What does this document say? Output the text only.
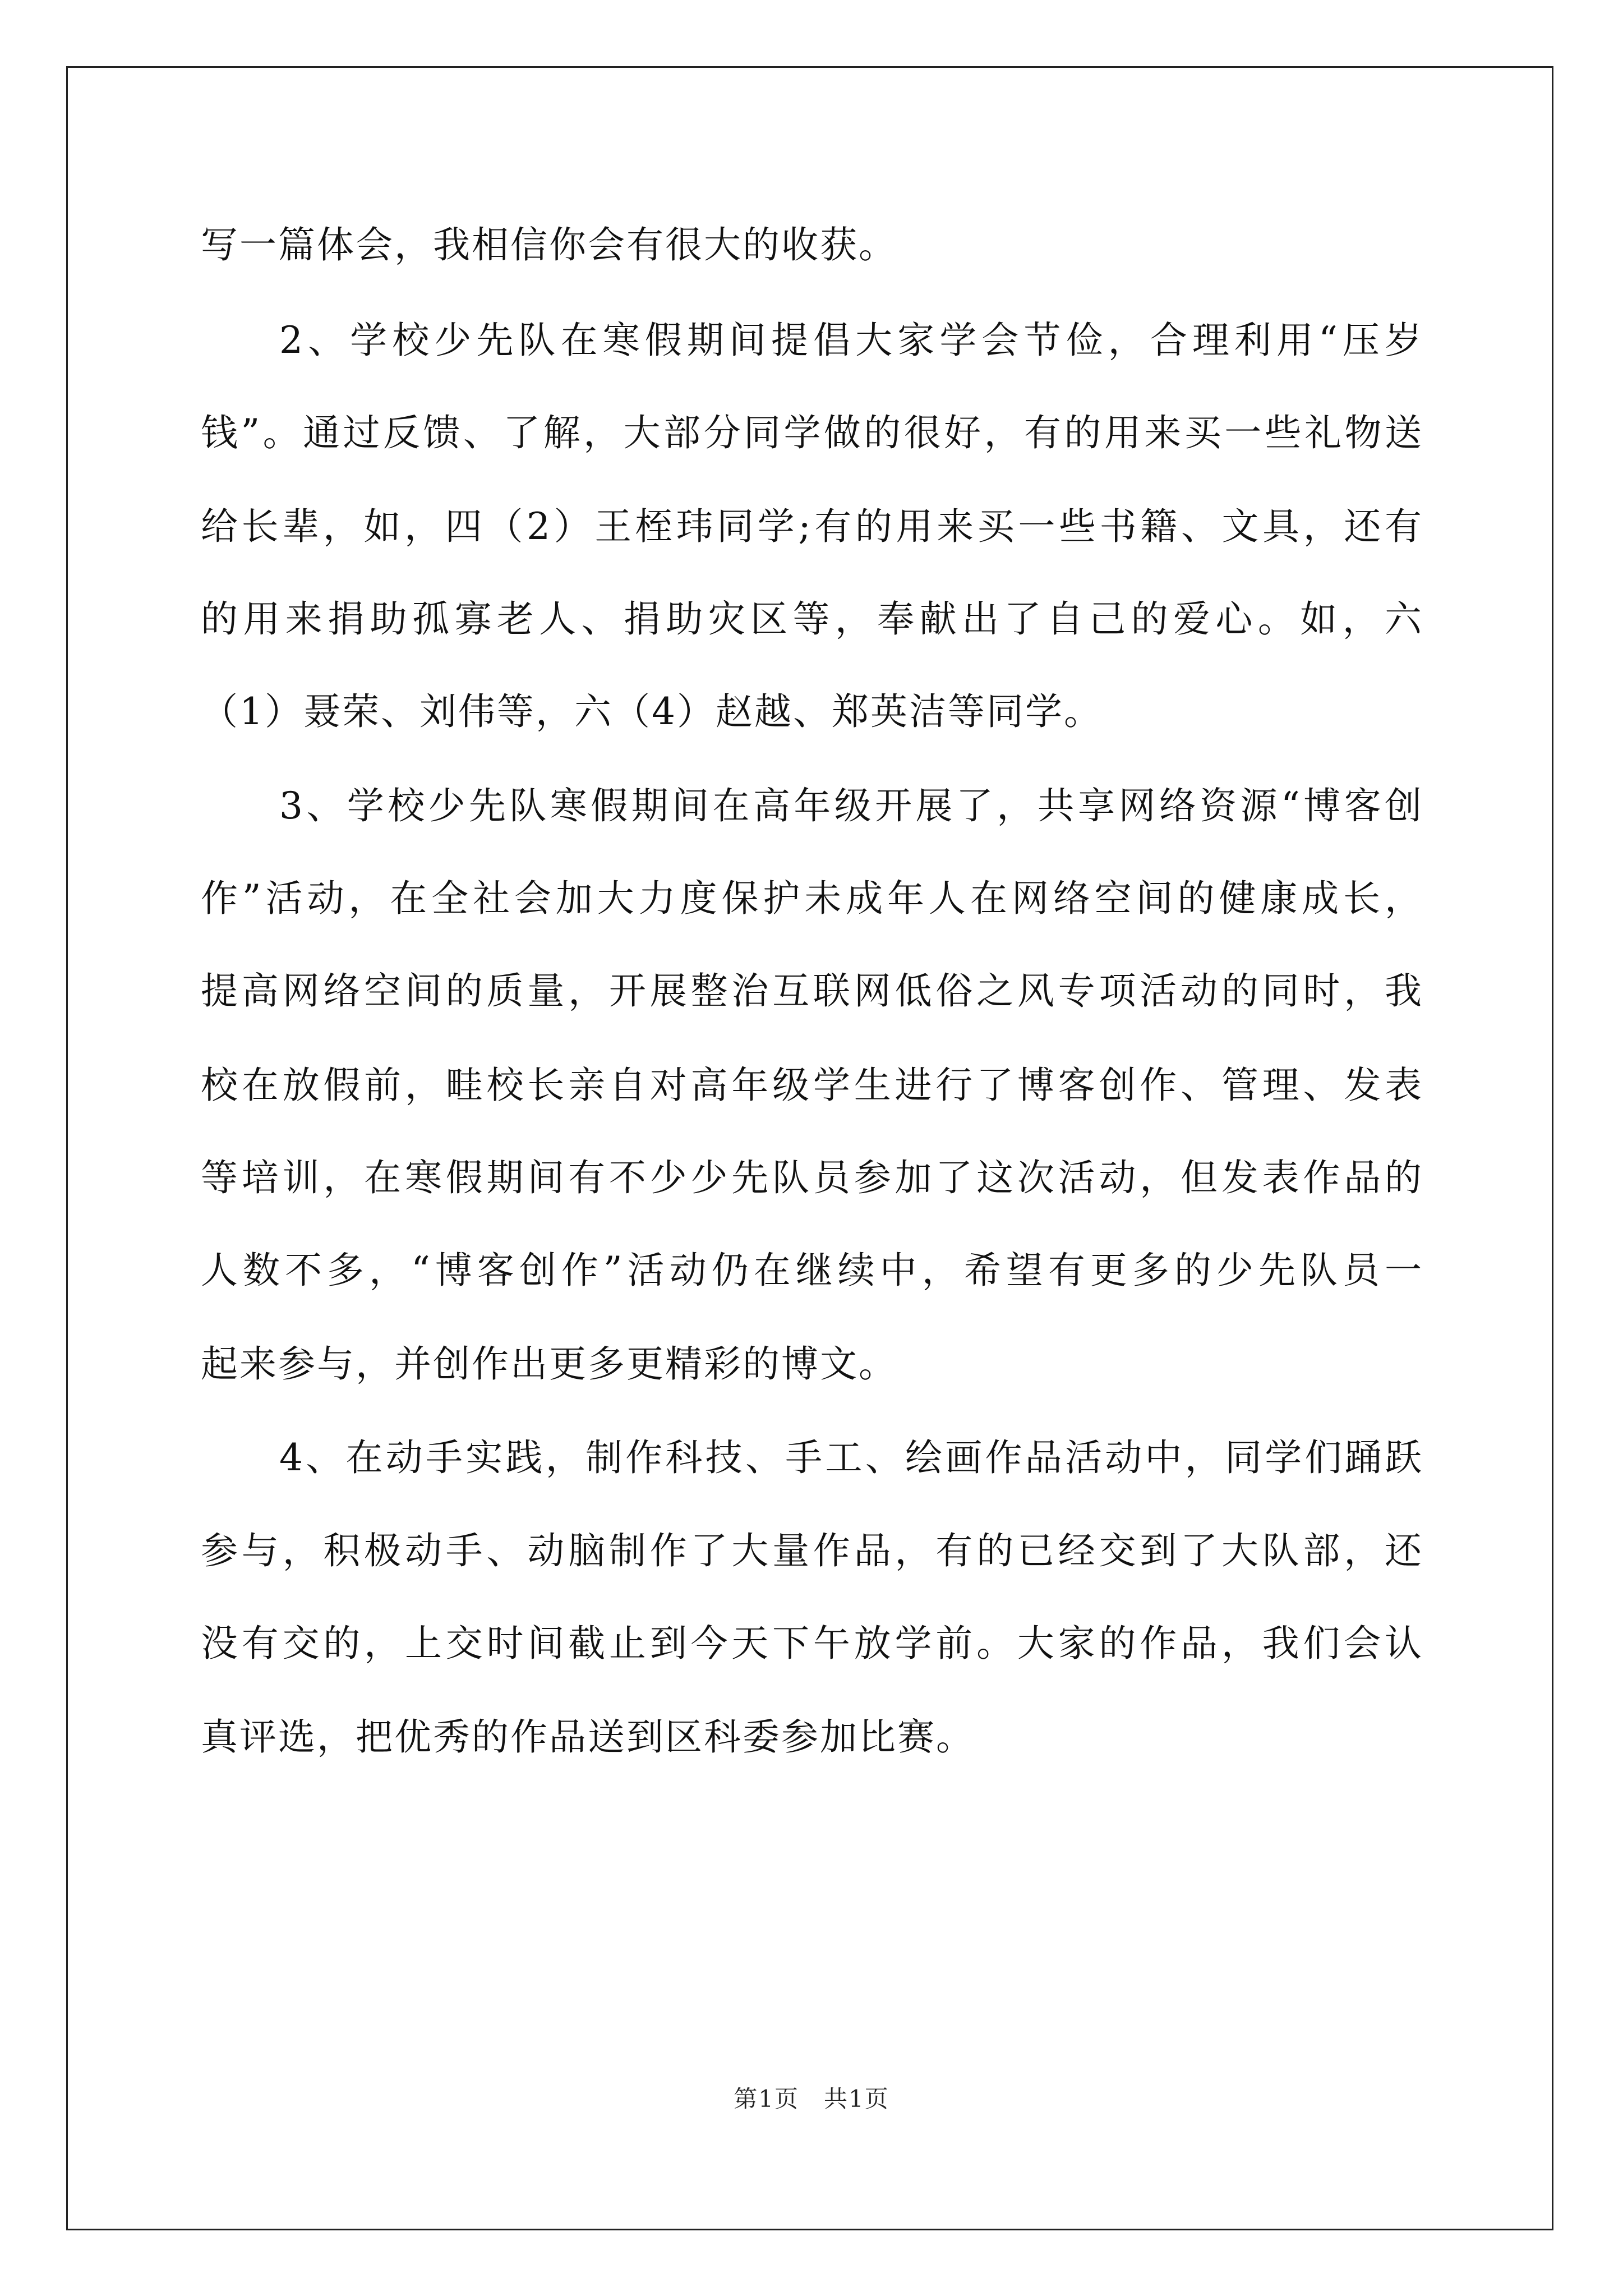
写一篇体会，我相信你会有很大的收获。
2、学校少先队在寒假期间提倡大家学会节俭，合理利用“压岁
钱”。通过反馈、了解，大部分同学做的很好，有的用来买一些礼物送
给长辈，如，四（2）王桎玮同学;有的用来买一些书籍、文具，还有
的用来捐助孤寡老人、捐助灾区等，奉献出了自己的爱心。如，六
（1）聂荣、刘伟等，六（4）赵越、郑英洁等同学。
3、学校少先队寒假期间在高年级开展了，共享网络资源“博客创
作”活动，在全社会加大力度保护未成年人在网络空间的健康成长，
提高网络空间的质量，开展整治互联网低俗之风专项活动的同时，我
校在放假前，畦校长亲自对高年级学生进行了博客创作、管理、发表
等培训，在寒假期间有不少少先队员参加了这次活动，但发表作品的
人数不多，“博客创作”活动仍在继续中，希望有更多的少先队员一
起来参与，并创作出更多更精彩的博文。
4、在动手实践，制作科技、手工、绘画作品活动中，同学们踊跃
参与，积极动手、动脑制作了大量作品，有的已经交到了大队部，还
没有交的，上交时间截止到今天下午放学前。大家的作品，我们会认
真评选，把优秀的作品送到区科委参加比赛。
第1页　共1页
